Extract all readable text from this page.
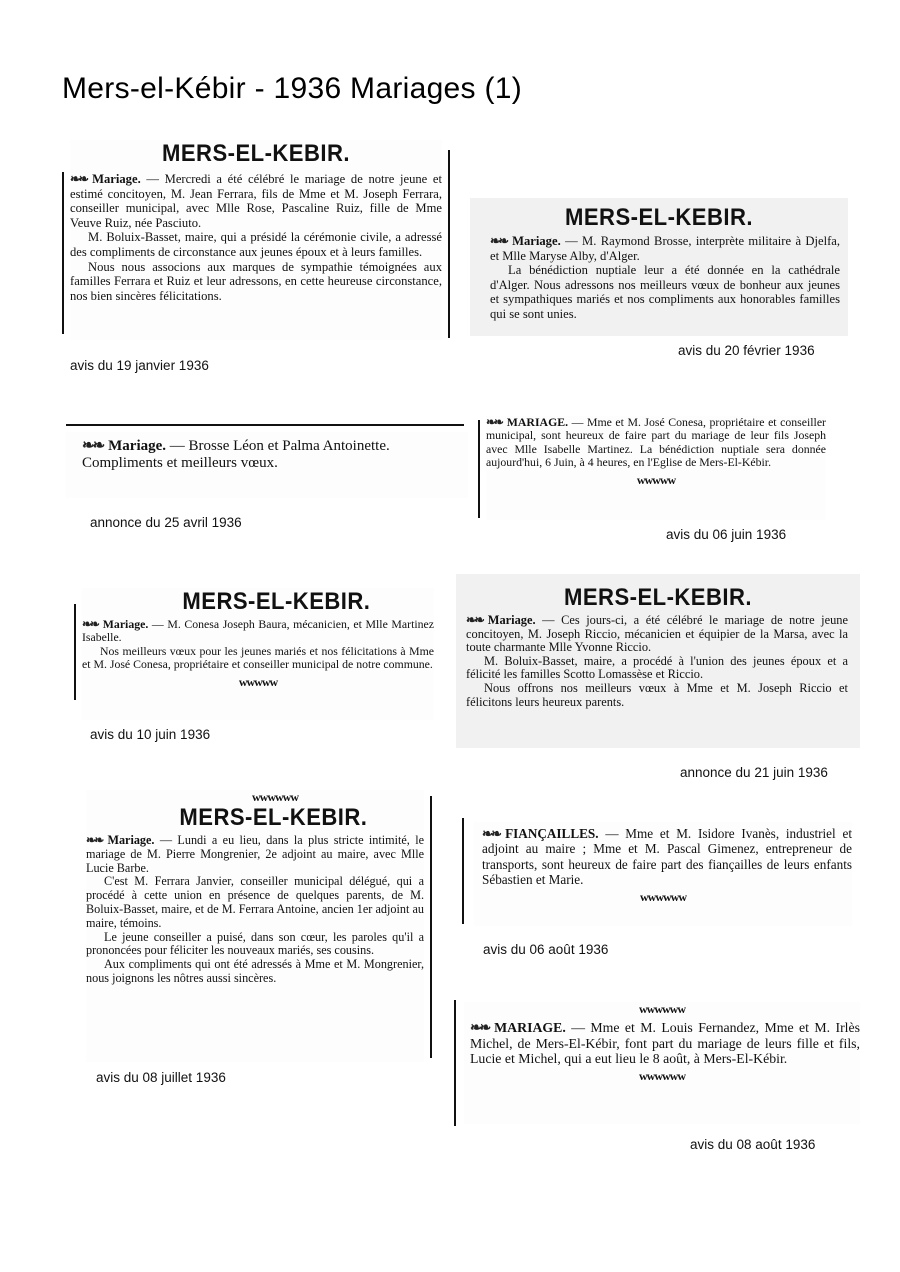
Mers-el-Kébir - 1936 Mariages (1)
MERS-EL-KEBIR.

❧❧ Mariage. — Mercredi a été célébré le mariage de notre jeune et estimé concitoyen, M. Jean Ferrara, fils de Mme et M. Joseph Ferrara, conseiller municipal, avec Mlle Rose, Pascaline Ruiz, fille de Mme Veuve Ruiz, née Pasciuto.

M. Boluix-Basset, maire, qui a présidé la cérémonie civile, a adressé des compliments de circonstance aux jeunes époux et à leurs familles.

Nous nous associons aux marques de sympathie témoignées aux familles Ferrara et Ruiz et leur adressons, en cette heureuse circonstance, nos bien sincères félicitations.

avis du 19 janvier 1936
MERS-EL-KEBIR.

❧❧ Mariage. — M. Raymond Brosse, interprète militaire à Djelfa, et Mlle Maryse Alby, d'Alger.

La bénédiction nuptiale leur a été donnée en la cathédrale d'Alger. Nous adressons nos meilleurs vœux de bonheur aux jeunes et sympathiques mariés et nos compliments aux honorables familles qui se sont unies.

avis du 20 février 1936

❧❧ Mariage. — Brosse Léon et Palma Antoinette.

Compliments et meilleurs vœux.

annonce du 25 avril 1936

❧❧ MARIAGE. — Mme et M. José Conesa, propriétaire et conseiller municipal, sont heureux de faire part du mariage de leur fils Joseph avec Mlle Isabelle Martinez. La bénédiction nuptiale sera donnée aujourd'hui, 6 Juin, à 4 heures, en l'Eglise de Mers-El-Kébir.

wwwww
avis du 06 juin 1936
MERS-EL-KEBIR.

❧❧ Mariage. — M. Conesa Joseph Baura, mécanicien, et Mlle Martinez Isabelle.

Nos meilleurs vœux pour les jeunes mariés et nos félicitations à Mme et M. José Conesa, propriétaire et conseiller municipal de notre commune.

wwwww
avis du 10 juin 1936
MERS-EL-KEBIR.

❧❧ Mariage. — Ces jours-ci, a été célébré le mariage de notre jeune concitoyen, M. Joseph Riccio, mécanicien et équipier de la Marsa, avec la toute charmante Mlle Yvonne Riccio.

M. Boluix-Basset, maire, a procédé à l'union des jeunes époux et a félicité les familles Scotto Lomassèse et Riccio.

Nous offrons nos meilleurs vœux à Mme et M. Joseph Riccio et félicitons leurs heureux parents.

annonce du 21 juin 1936
wwwwww
MERS-EL-KEBIR.

❧❧ Mariage. — Lundi a eu lieu, dans la plus stricte intimité, le mariage de M. Pierre Mongrenier, 2e adjoint au maire, avec Mlle Lucie Barbe.

C'est M. Ferrara Janvier, conseiller municipal délégué, qui a procédé à cette union en présence de quelques parents, de M. Boluix-Basset, maire, et de M. Ferrara Antoine, ancien 1er adjoint au maire, témoins.

Le jeune conseiller a puisé, dans son cœur, les paroles qu'il a prononcées pour féliciter les nouveaux mariés, ses cousins.

Aux compliments qui ont été adressés à Mme et M. Mongrenier, nous joignons les nôtres aussi sincères.

avis du 08 juillet 1936

❧❧ FIANÇAILLES. — Mme et M. Isidore Ivanès, industriel et adjoint au maire ; Mme et M. Pascal Gimenez, entrepreneur de transports, sont heureux de faire part des fiançailles de leurs enfants Sébastien et Marie.

wwwwww
avis du 06 août 1936
wwwwww

❧❧ MARIAGE. — Mme et M. Louis Fernandez, Mme et M. Irlès Michel, de Mers-El-Kébir, font part du mariage de leurs fille et fils, Lucie et Michel, qui a eut lieu le 8 août, à Mers-El-Kébir.

wwwwww
avis du 08 août 1936
